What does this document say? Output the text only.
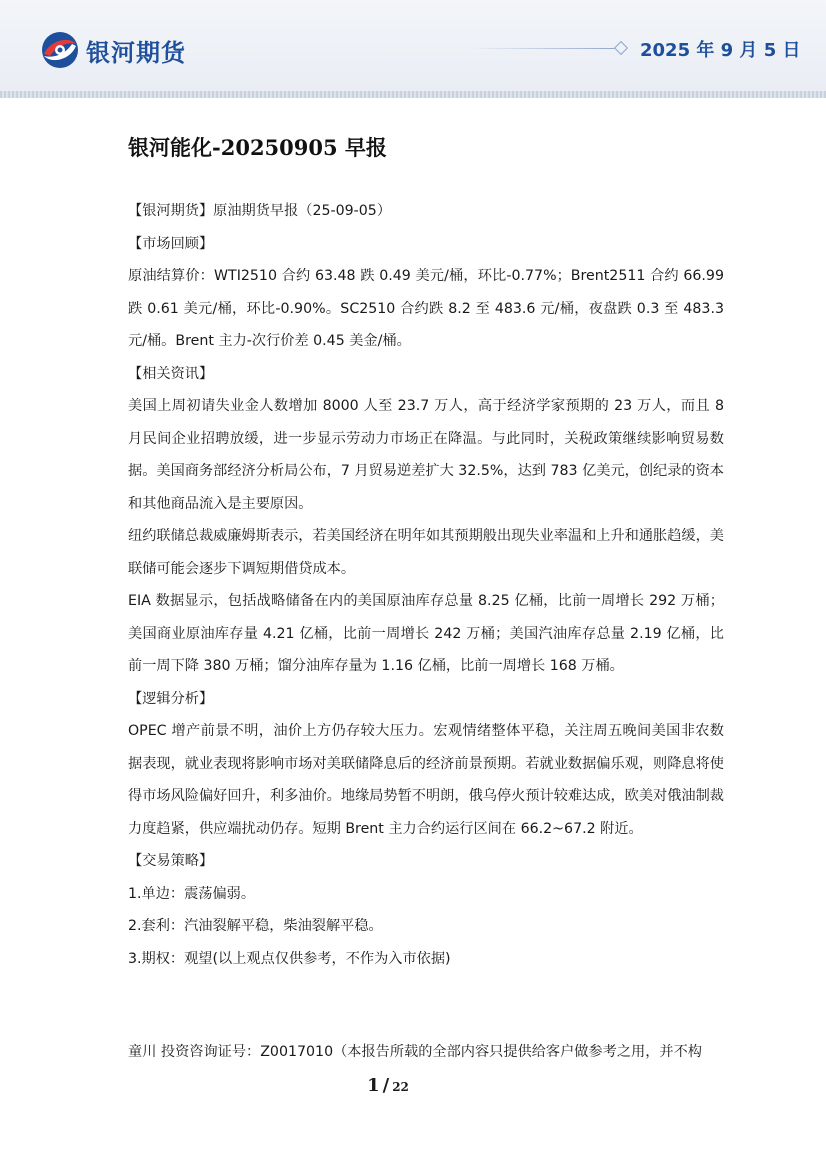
银河期货	2025 年 9 月 5 日
银河能化-20250905 早报

【银河期货】原油期货早报（25-09-05）

【市场回顾】

原油结算价：WTI2510 合约 63.48 跌 0.49 美元/桶，环比-0.77%；Brent2511 合约 66.99 跌 0.61 美元/桶，环比-0.90%。SC2510 合约跌 8.2 至 483.6 元/桶，夜盘跌 0.3 至 483.3 元/桶。Brent 主力-次行价差 0.45 美金/桶。

【相关资讯】

美国上周初请失业金人数增加 8000 人至 23.7 万人，高于经济学家预期的 23 万人，而且 8 月民间企业招聘放缓，进一步显示劳动力市场正在降温。与此同时，关税政策继续影响贸易数据。美国商务部经济分析局公布，7 月贸易逆差扩大 32.5%，达到 783 亿美元，创纪录的资本和其他商品流入是主要原因。

纽约联储总裁威廉姆斯表示，若美国经济在明年如其预期般出现失业率温和上升和通胀趋缓，美联储可能会逐步下调短期借贷成本。

EIA 数据显示，包括战略储备在内的美国原油库存总量 8.25 亿桶，比前一周增长 292 万桶；美国商业原油库存量 4.21 亿桶，比前一周增长 242 万桶；美国汽油库存总量 2.19 亿桶，比前一周下降 380 万桶；馏分油库存量为 1.16 亿桶，比前一周增长 168 万桶。

【逻辑分析】

OPEC 增产前景不明，油价上方仍存较大压力。宏观情绪整体平稳，关注周五晚间美国非农数据表现，就业表现将影响市场对美联储降息后的经济前景预期。若就业数据偏乐观，则降息将使得市场风险偏好回升，利多油价。地缘局势暂不明朗，俄乌停火预计较难达成，欧美对俄油制裁力度趋紧，供应端扰动仍存。短期 Brent 主力合约运行区间在 66.2~67.2 附近。

【交易策略】

1.单边：震荡偏弱。

2.套利：汽油裂解平稳，柴油裂解平稳。

3.期权：观望(以上观点仅供参考，不作为入市依据)

童川 投资咨询证号：Z0017010（本报告所载的全部内容只提供给客户做参考之用，并不构
1 / 22
